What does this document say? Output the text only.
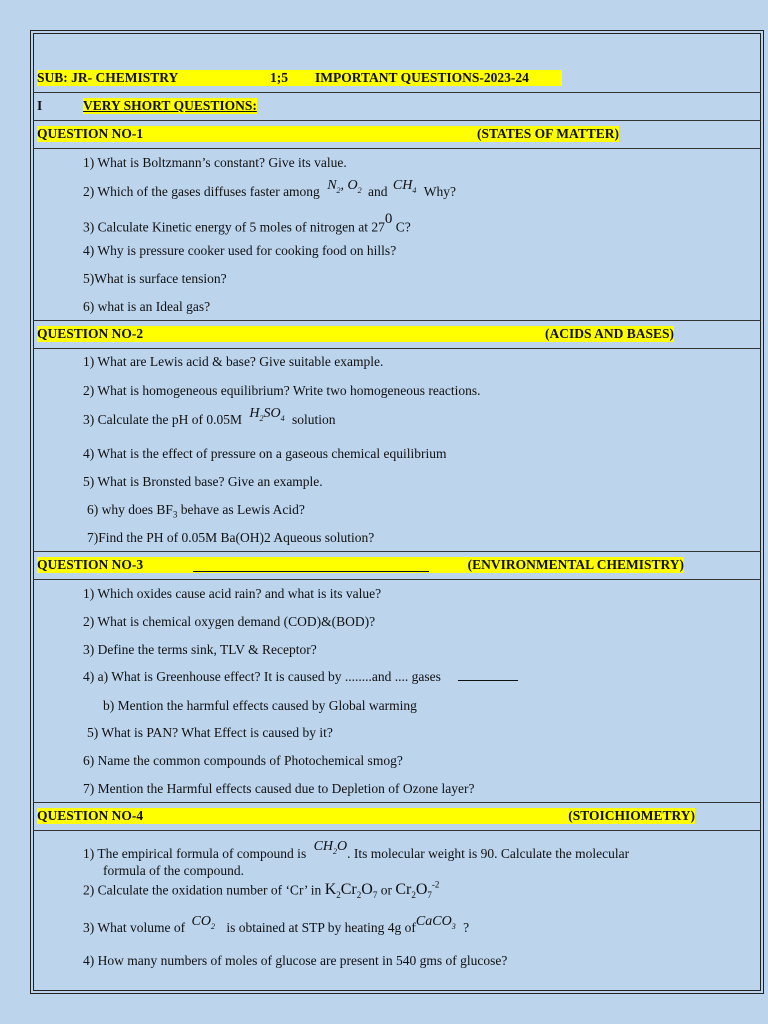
SUB: JR- CHEMISTRY	1;5 IMPORTANT QUESTIONS-2023-24
I	VERY SHORT QUESTIONS:
QUESTION NO-1	(STATES OF MATTER)
1) What is Boltzmann’s constant? Give its value.
2) Which of the gases diffuses faster among $N_2$, $O_2$ and $CH_4$ Why?
3) Calculate Kinetic energy of 5 moles of nitrogen at $27^0$ C?
4) Why is pressure cooker used for cooking food on hills?
5)What is surface tension?
6) what is an Ideal gas?
QUESTION NO-2	(ACIDS AND BASES)
1) What are Lewis acid & base? Give suitable example.
2) What is homogeneous equilibrium? Write two homogeneous reactions.
3) Calculate the pH of 0.05M $H_2SO_4$ solution
4) What is the effect of pressure on a gaseous chemical equilibrium
5) What is Bronsted base? Give an example.
6) why does $BF_3$ behave as Lewis Acid?
7)Find the PH of 0.05M Ba(OH)2 Aqueous solution?
QUESTION NO-3	(ENVIRONMENTAL CHEMISTRY)
1) Which oxides cause acid rain? and what is its value?
2) What is chemical oxygen demand (COD)&(BOD)?
3) Define the terms sink, TLV & Receptor?
4) a) What is Greenhouse effect? It is caused by ........and .... gases
b) Mention the harmful effects caused by Global warming
5) What is PAN? What Effect is caused by it?
6) Name the common compounds of Photochemical smog?
7) Mention the Harmful effects caused due to Depletion of Ozone layer?
QUESTION NO-4	(STOICHIOMETRY)
1) The empirical formula of compound is $CH_2O$. Its molecular weight is 90. Calculate the molecular
formula of the compound.
2) Calculate the oxidation number of ‘Cr’ in $K_2Cr_2O_7$ or $Cr_2O_7^{-2}$
3) What volume of $CO_2$ is obtained at STP by heating 4g ofCaCO$_3$ ?
4) How many numbers of moles of glucose are present in 540 gms of glucose?
